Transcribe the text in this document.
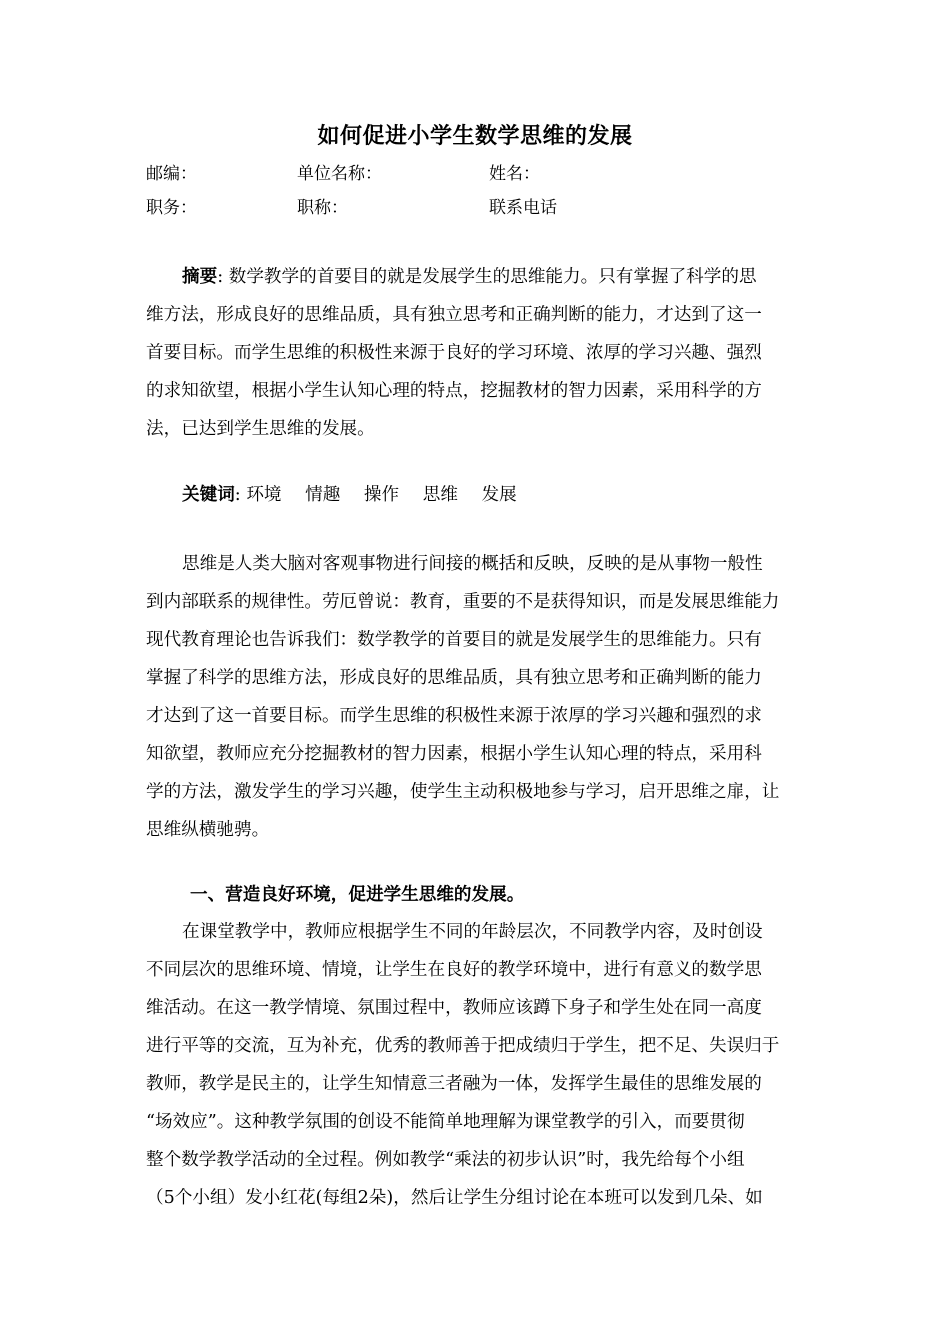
如何促进小学生数学思维的发展
邮编：	单位名称：	姓名：
职务：	职称：	联系电话
摘要: 数学教学的首要目的就是发展学生的思维能力。只有掌握了科学的思
维方法，形成良好的思维品质，具有独立思考和正确判断的能力，才达到了这一
首要目标。而学生思维的积极性来源于良好的学习环境、浓厚的学习兴趣、强烈
的求知欲望，根据小学生认知心理的特点，挖掘教材的智力因素，采用科学的方
法，已达到学生思维的发展。
关键词: 环境 情趣 操作 思维 发展
思维是人类大脑对客观事物进行间接的概括和反映，反映的是从事物一般性
到内部联系的规律性。劳厄曾说：教育，重要的不是获得知识，而是发展思维能力
现代教育理论也告诉我们：数学教学的首要目的就是发展学生的思维能力。只有
掌握了科学的思维方法，形成良好的思维品质，具有独立思考和正确判断的能力
才达到了这一首要目标。而学生思维的积极性来源于浓厚的学习兴趣和强烈的求
知欲望，教师应充分挖掘教材的智力因素，根据小学生认知心理的特点，采用科
学的方法，激发学生的学习兴趣，使学生主动积极地参与学习，启开思维之扉，让
思维纵横驰骋。
一、营造良好环境，促进学生思维的发展。
在课堂教学中，教师应根据学生不同的年龄层次，不同教学内容，及时创设
不同层次的思维环境、情境，让学生在良好的教学环境中，进行有意义的数学思
维活动。在这一教学情境、氛围过程中，教师应该蹲下身子和学生处在同一高度
进行平等的交流，互为补充，优秀的教师善于把成绩归于学生，把不足、失误归于
教师，教学是民主的，让学生知情意三者融为一体，发挥学生最佳的思维发展的
“场效应”。这种教学氛围的创设不能简单地理解为课堂教学的引入，而要贯彻
整个数学教学活动的全过程。例如教学“乘法的初步认识”时，我先给每个小组
（5个小组）发小红花(每组2朵)，然后让学生分组讨论在本班可以发到几朵、如
